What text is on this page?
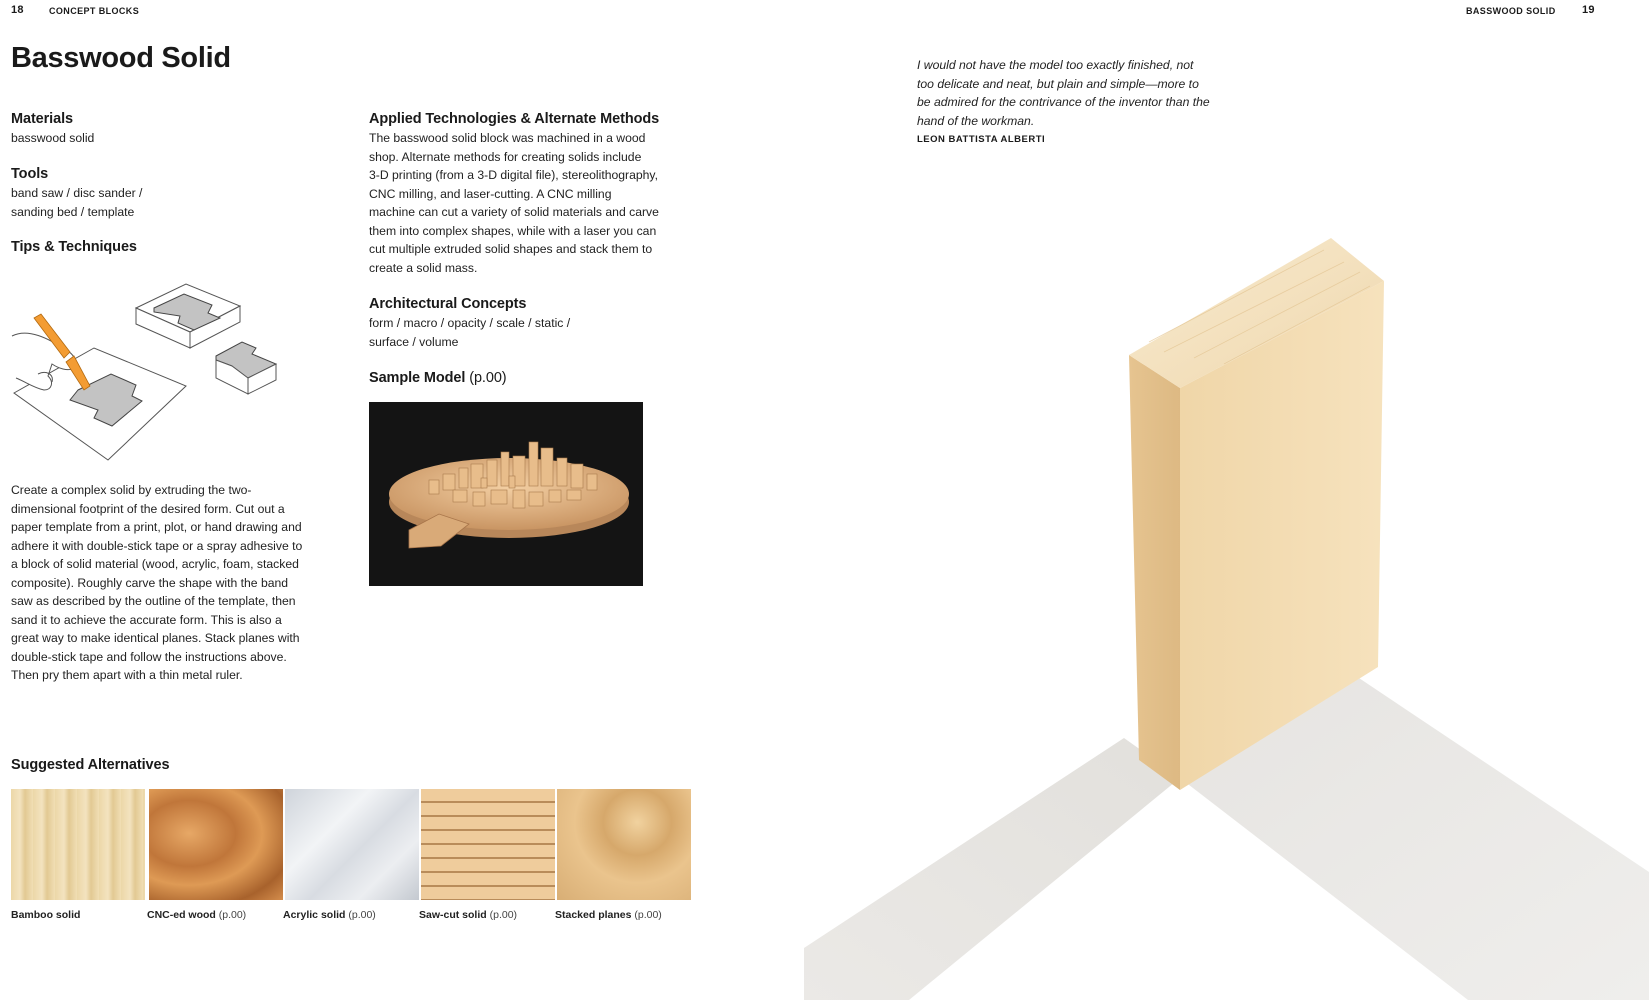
18	CONCEPT BLOCKS
Basswood Solid
Materials
basswood solid
Tools
band saw / disc sander /
sanding bed / template
Tips & Techniques
Create a complex solid by extruding the two-
dimensional footprint of the desired form. Cut out a
paper template from a print, plot, or hand drawing and
adhere it with double-stick tape or a spray adhesive to
a block of solid material (wood, acrylic, foam, stacked
composite). Roughly carve the shape with the band
saw as described by the outline of the template, then
sand it to achieve the accurate form. This is also a
great way to make identical planes. Stack planes with
double-stick tape and follow the instructions above.
Then pry them apart with a thin metal ruler.
Applied Technologies & Alternate Methods
The basswood solid block was machined in a wood
shop. Alternate methods for creating solids include
3-D printing (from a 3-D digital file), stereolithography,
CNC milling, and laser-cutting. A CNC milling
machine can cut a variety of solid materials and carve
them into complex shapes, while with a laser you can
cut multiple extruded solid shapes and stack them to
create a solid mass.
Architectural Concepts
form / macro / opacity / scale / static /
surface / volume
Sample Model (p.00)
Suggested Alternatives
Bamboo solid	CNC-ed wood (p.00)	Acrylic solid (p.00)	Saw-cut solid (p.00)	Stacked planes (p.00)
BASSWOOD SOLID 19
I would not have the model too exactly finished, not
too delicate and neat, but plain and simple—more to
be admired for the contrivance of the inventor than the
hand of the workman.
LEON BATTISTA ALBERTI
